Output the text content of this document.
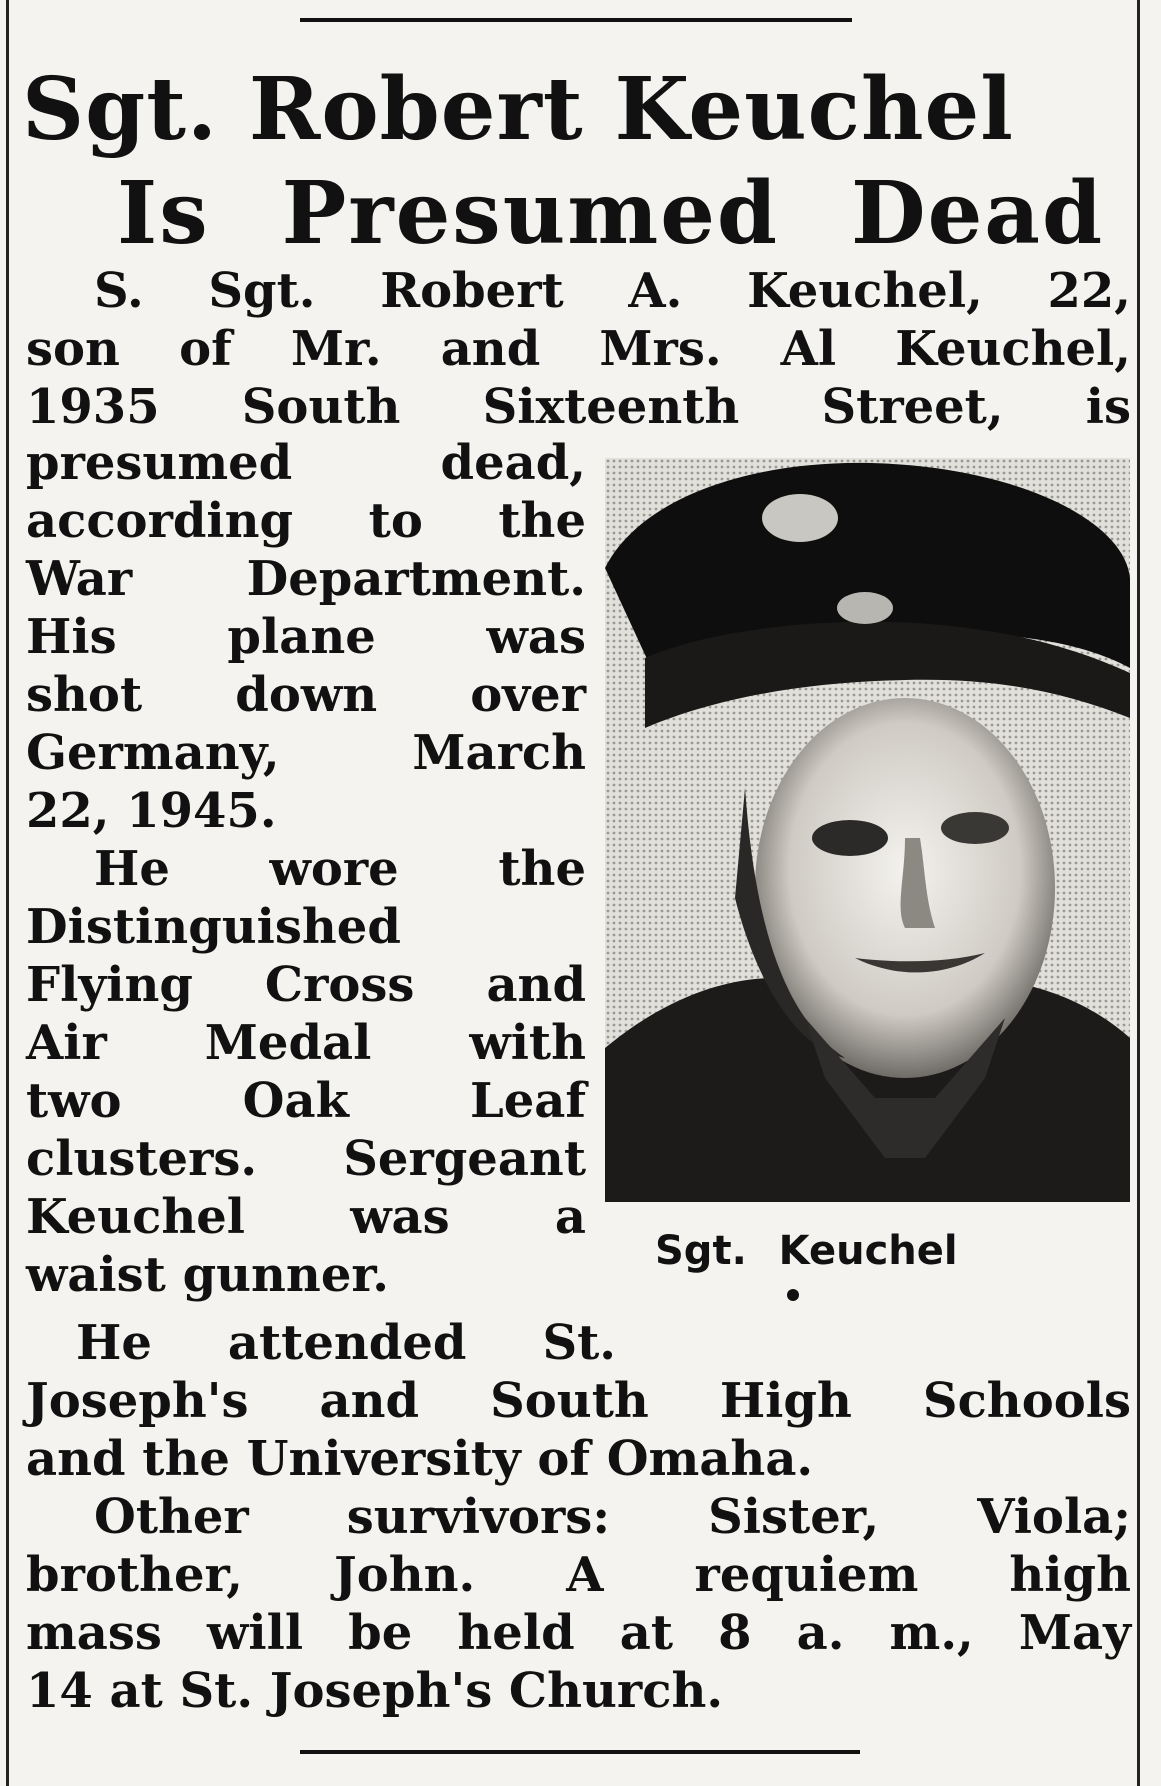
Sgt. Robert Keuchel
Is Presumed Dead
S. Sgt. Robert A. Keuchel, 22,
son of Mr. and Mrs. Al Keuchel,
1935 South Sixteenth Street, is
presumed dead,
according to the
War Department.
His plane was
shot down over
Germany, March
22, 1945.
He wore the
Distinguished
Flying Cross and
Air Medal with
two Oak Leaf
clusters. Sergeant
Keuchel was a
waist gunner.	Sgt. Keuchel
He attended St.
Joseph's and South High Schools
and the University of Omaha.
Other survivors: Sister, Viola;
brother, John. A requiem high
mass will be held at 8 a. m., May
14 at St. Joseph's Church.
